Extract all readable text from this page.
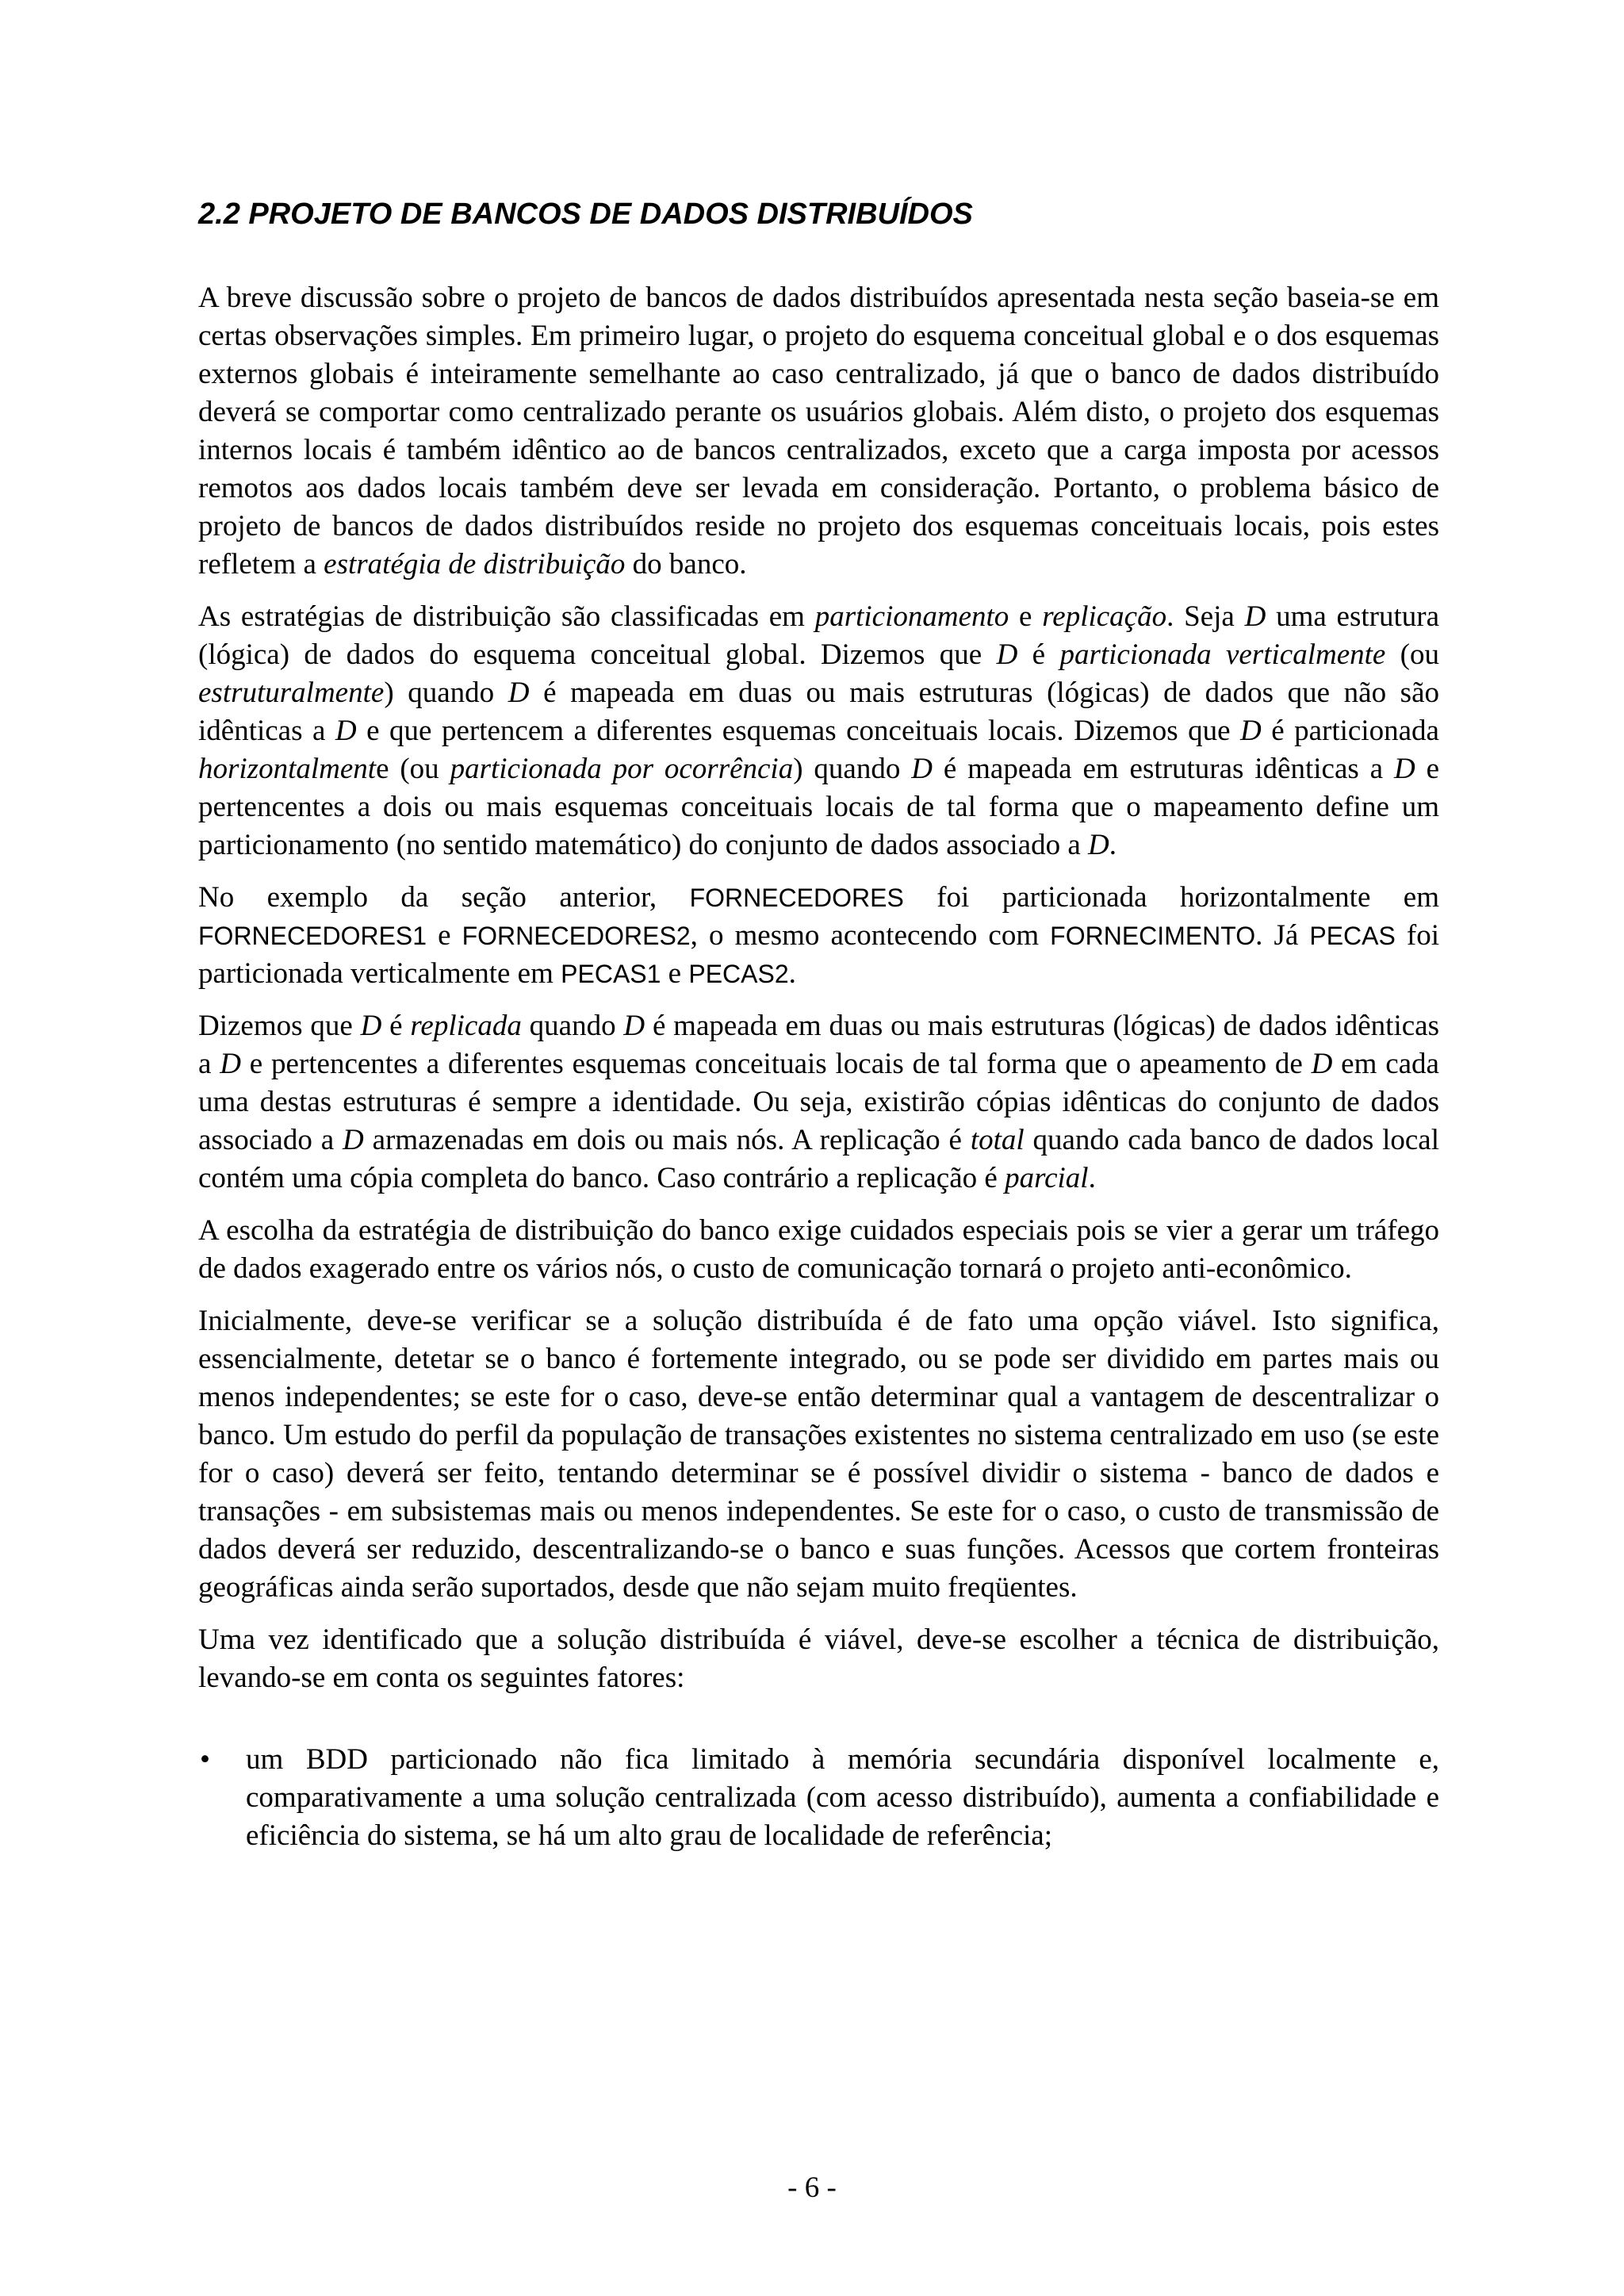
2.2 PROJETO DE BANCOS DE DADOS DISTRIBUÍDOS

A breve discussão sobre o projeto de bancos de dados distribuídos apresentada nesta seção baseia-se em certas observações simples. Em primeiro lugar, o projeto do esquema conceitual global e o dos esquemas externos globais é inteiramente semelhante ao caso centralizado, já que o banco de dados distribuído deverá se comportar como centralizado perante os usuários globais. Além disto, o projeto dos esquemas internos locais é também idêntico ao de bancos centralizados, exceto que a carga imposta por acessos remotos aos dados locais também deve ser levada em consideração. Portanto, o problema básico de projeto de bancos de dados distribuídos reside no projeto dos esquemas conceituais locais, pois estes refletem a estratégia de distribuição do banco.

As estratégias de distribuição são classificadas em particionamento e replicação. Seja D uma estrutura (lógica) de dados do esquema conceitual global. Dizemos que D é particionada verticalmente (ou estruturalmente) quando D é mapeada em duas ou mais estruturas (lógicas) de dados que não são idênticas a D e que pertencem a diferentes esquemas conceituais locais. Dizemos que D é particionada horizontalmente (ou particionada por ocorrência) quando D é mapeada em estruturas idênticas a D e pertencentes a dois ou mais esquemas conceituais locais de tal forma que o mapeamento define um particionamento (no sentido matemático) do conjunto de dados associado a D.

No exemplo da seção anterior, FORNECEDORES foi particionada horizontalmente em FORNECEDORES1 e FORNECEDORES2, o mesmo acontecendo com FORNECIMENTO. Já PECAS foi particionada verticalmente em PECAS1 e PECAS2.

Dizemos que D é replicada quando D é mapeada em duas ou mais estruturas (lógicas) de dados idênticas a D e pertencentes a diferentes esquemas conceituais locais de tal forma que o apeamento de D em cada uma destas estruturas é sempre a identidade. Ou seja, existirão cópias idênticas do conjunto de dados associado a D armazenadas em dois ou mais nós. A replicação é total quando cada banco de dados local contém uma cópia completa do banco. Caso contrário a replicação é parcial.

A escolha da estratégia de distribuição do banco exige cuidados especiais pois se vier a gerar um tráfego de dados exagerado entre os vários nós, o custo de comunicação tornará o projeto anti-econômico.

Inicialmente, deve-se verificar se a solução distribuída é de fato uma opção viável. Isto significa, essencialmente, detetar se o banco é fortemente integrado, ou se pode ser dividido em partes mais ou menos independentes; se este for o caso, deve-se então determinar qual a vantagem de descentralizar o banco. Um estudo do perfil da população de transações existentes no sistema centralizado em uso (se este for o caso) deverá ser feito, tentando determinar se é possível dividir o sistema - banco de dados e transações - em subsistemas mais ou menos independentes. Se este for o caso, o custo de transmissão de dados deverá ser reduzido, descentralizando-se o banco e suas funções. Acessos que cortem fronteiras geográficas ainda serão suportados, desde que não sejam muito freqüentes.

Uma vez identificado que a solução distribuída é viável, deve-se escolher a técnica de distribuição, levando-se em conta os seguintes fatores:

• um BDD particionado não fica limitado à memória secundária disponível localmente e, comparativamente a uma solução centralizada (com acesso distribuído), aumenta a confiabilidade e eficiência do sistema, se há um alto grau de localidade de referência;
- 6 -
